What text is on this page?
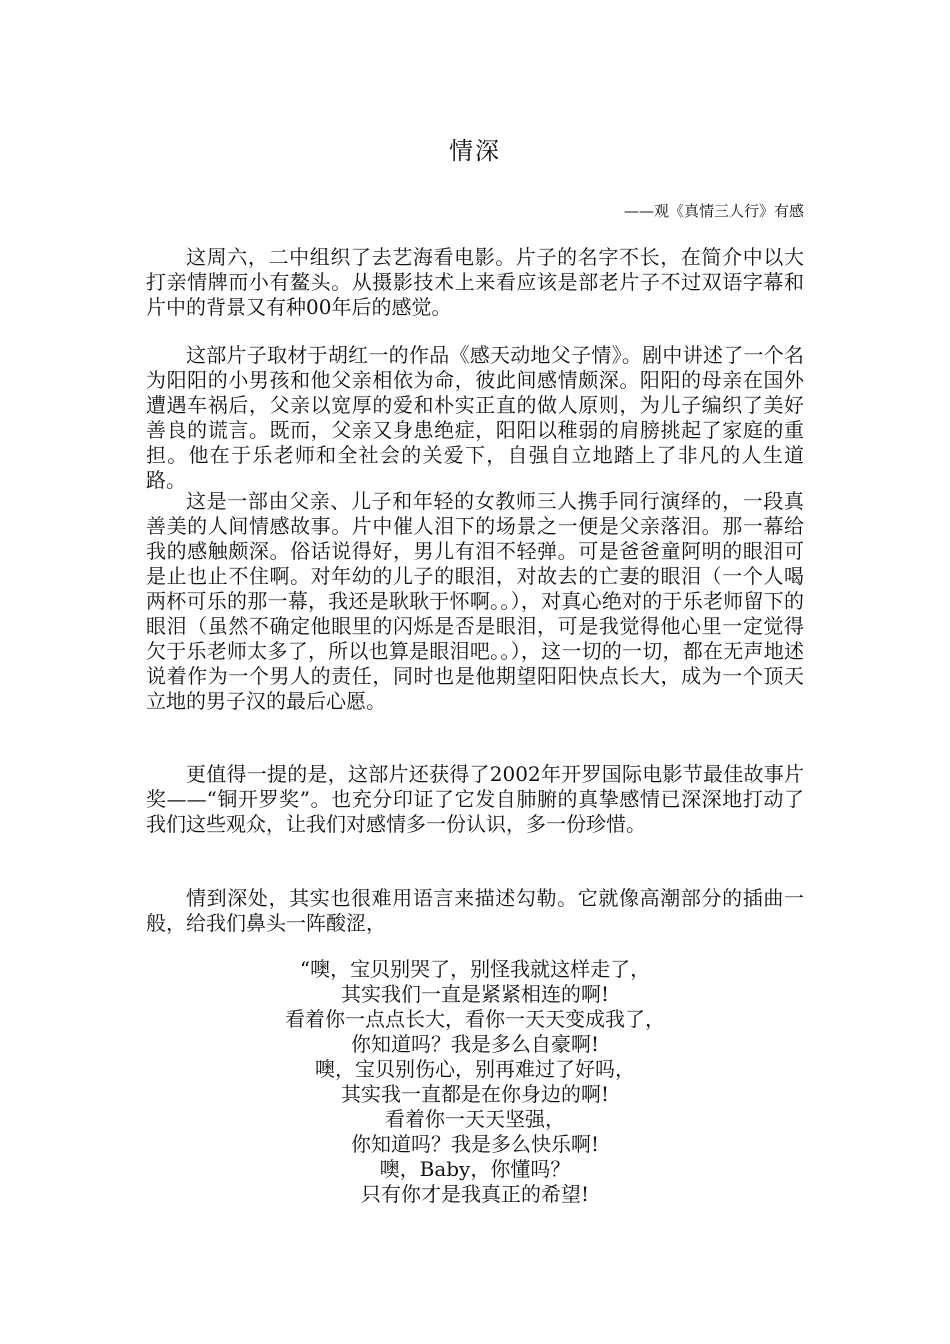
情深
——观《真情三人行》有感

这周六，二中组织了去艺海看电影。片子的名字不长，在简介中以大打亲情牌而小有鳌头。从摄影技术上来看应该是部老片子不过双语字幕和片中的背景又有种00年后的感觉。

这部片子取材于胡红一的作品《感天动地父子情》。剧中讲述了一个名为阳阳的小男孩和他父亲相依为命，彼此间感情颇深。阳阳的母亲在国外遭遇车祸后，父亲以宽厚的爱和朴实正直的做人原则，为儿子编织了美好善良的谎言。既而，父亲又身患绝症，阳阳以稚弱的肩膀挑起了家庭的重担。他在于乐老师和全社会的关爱下，自强自立地踏上了非凡的人生道路。

这是一部由父亲、儿子和年轻的女教师三人携手同行演绎的，一段真善美的人间情感故事。片中催人泪下的场景之一便是父亲落泪。那一幕给我的感触颇深。俗话说得好，男儿有泪不轻弹。可是爸爸童阿明的眼泪可是止也止不住啊。对年幼的儿子的眼泪，对故去的亡妻的眼泪（一个人喝两杯可乐的那一幕，我还是耿耿于怀啊。。），对真心绝对的于乐老师留下的眼泪（虽然不确定他眼里的闪烁是否是眼泪，可是我觉得他心里一定觉得欠于乐老师太多了，所以也算是眼泪吧。。），这一切的一切，都在无声地述说着作为一个男人的责任，同时也是他期望阳阳快点长大，成为一个顶天立地的男子汉的最后心愿。

更值得一提的是，这部片还获得了2002年开罗国际电影节最佳故事片奖——“铜开罗奖”。也充分印证了它发自肺腑的真挚感情已深深地打动了我们这些观众，让我们对感情多一份认识，多一份珍惜。

情到深处，其实也很难用语言来描述勾勒。它就像高潮部分的插曲一般，给我们鼻头一阵酸涩，

“噢，宝贝别哭了，别怪我就这样走了，
其实我们一直是紧紧相连的啊!
看着你一点点长大，看你一天天变成我了，
你知道吗？我是多么自豪啊!
噢，宝贝别伤心，别再难过了好吗，
其实我一直都是在你身边的啊!
看着你一天天坚强，
你知道吗？我是多么快乐啊!
噢，Baby，你懂吗？
只有你才是我真正的希望!
